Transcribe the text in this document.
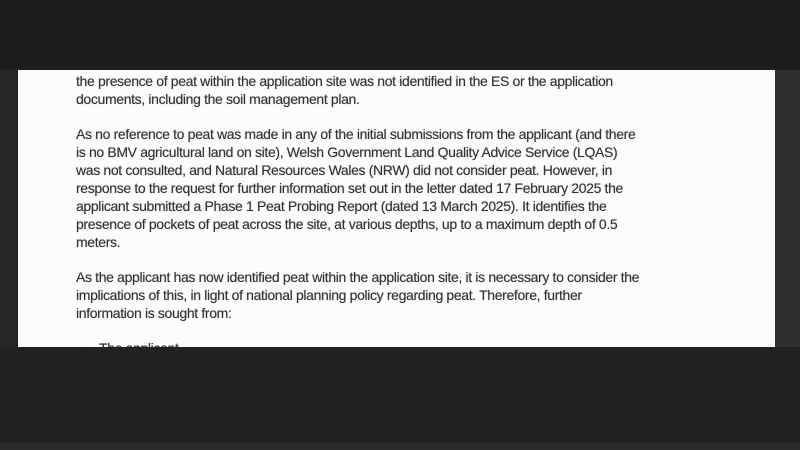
the presence of peat within the application site was not identified in the ES or the application
documents, including the soil management plan.
As no reference to peat was made in any of the initial submissions from the applicant (and there
is no BMV agricultural land on site), Welsh Government Land Quality Advice Service (LQAS)
was not consulted, and Natural Resources Wales (NRW) did not consider peat. However, in
response to the request for further information set out in the letter dated 17 February 2025 the
applicant submitted a Phase 1 Peat Probing Report (dated 13 March 2025). It identifies the
presence of pockets of peat across the site, at various depths, up to a maximum depth of 0.5
meters.
As the applicant has now identified peat within the application site, it is necessary to consider the
implications of this, in light of national planning policy regarding peat. Therefore, further
information is sought from:
